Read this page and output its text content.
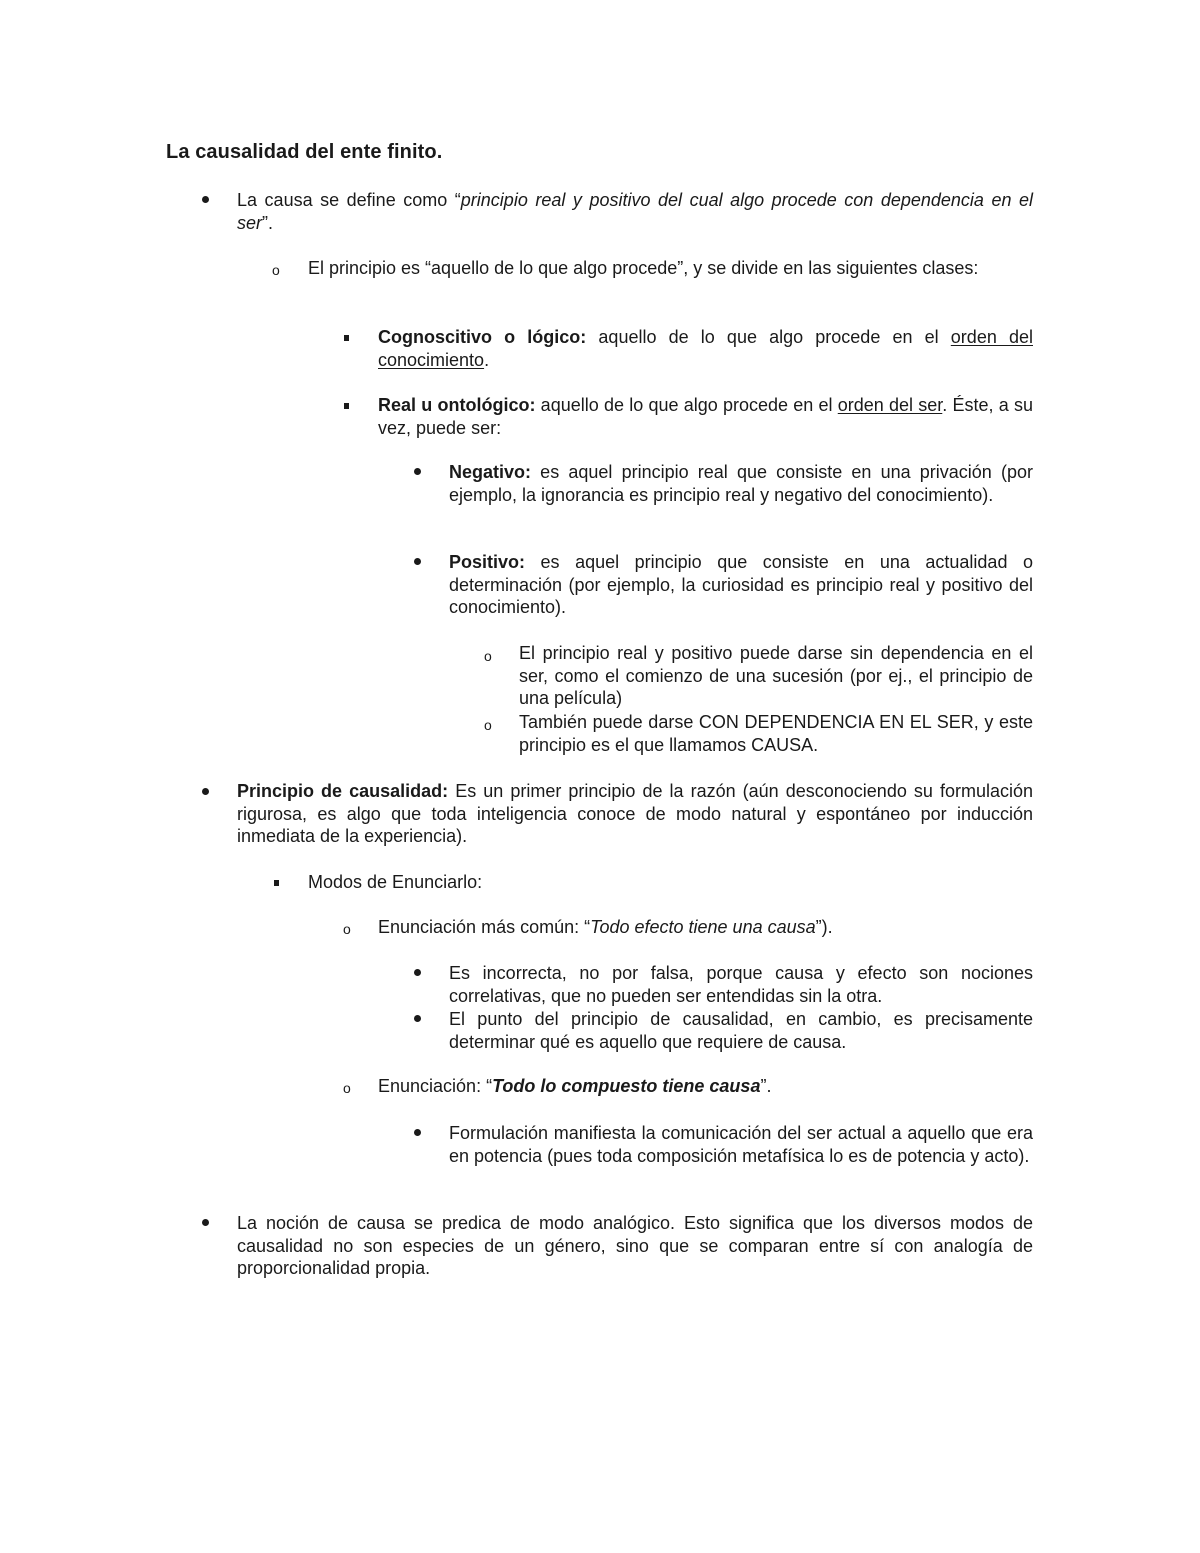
La causalidad del ente finito.

La causa se define como “principio real y positivo del cual algo procede con dependencia en el ser”.

o El principio es “aquello de lo que algo procede”, y se divide en las siguientes clases:

Cognoscitivo o lógico: aquello de lo que algo procede en el orden del conocimiento.

Real u ontológico: aquello de lo que algo procede en el orden del ser. Éste, a su vez, puede ser:

Negativo: es aquel principio real que consiste en una privación (por ejemplo, la ignorancia es principio real y negativo del conocimiento).

Positivo: es aquel principio que consiste en una actualidad o determinación (por ejemplo, la curiosidad es principio real y positivo del conocimiento).

o El principio real y positivo puede darse sin dependencia en el ser, como el comienzo de una sucesión (por ej., el principio de una película)

o También puede darse CON DEPENDENCIA EN EL SER, y este principio es el que llamamos CAUSA.

Principio de causalidad: Es un primer principio de la razón (aún desconociendo su formulación rigurosa, es algo que toda inteligencia conoce de modo natural y espontáneo por inducción inmediata de la experiencia).

Modos de Enunciarlo:

o Enunciación más común: “Todo efecto tiene una causa”).

Es incorrecta, no por falsa, porque causa y efecto son nociones correlativas, que no pueden ser entendidas sin la otra.

El punto del principio de causalidad, en cambio, es precisamente determinar qué es aquello que requiere de causa.

o Enunciación: “Todo lo compuesto tiene causa”.

Formulación manifiesta la comunicación del ser actual a aquello que era en potencia (pues toda composición metafísica lo es de potencia y acto).

La noción de causa se predica de modo analógico. Esto significa que los diversos modos de causalidad no son especies de un género, sino que se comparan entre sí con analogía de proporcionalidad propia.
